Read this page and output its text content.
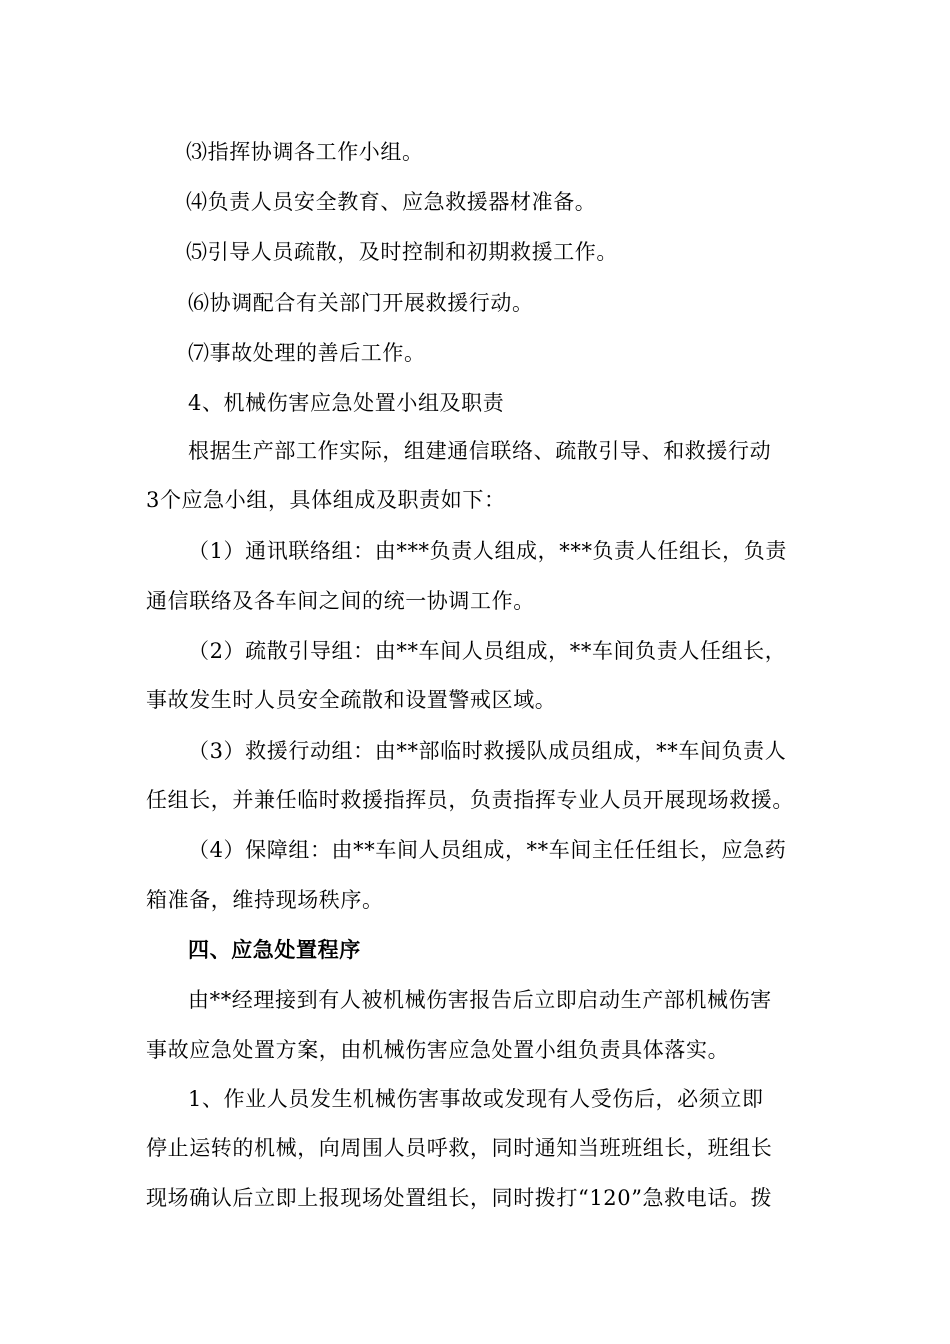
⑶指挥协调各工作小组。
⑷负责人员安全教育、应急救援器材准备。
⑸引导人员疏散，及时控制和初期救援工作。
⑹协调配合有关部门开展救援行动。
⑺事故处理的善后工作。
4、机械伤害应急处置小组及职责
根据生产部工作实际，组建通信联络、疏散引导、和救援行动
3个应急小组，具体组成及职责如下：
（1）通讯联络组：由***负责人组成，***负责人任组长，负责
通信联络及各车间之间的统一协调工作。
（2）疏散引导组：由**车间人员组成，**车间负责人任组长，
事故发生时人员安全疏散和设置警戒区域。
（3）救援行动组：由**部临时救援队成员组成，**车间负责人
任组长，并兼任临时救援指挥员，负责指挥专业人员开展现场救援。
（4）保障组：由**车间人员组成，**车间主任任组长，应急药
箱准备，维持现场秩序。
四、应急处置程序
由**经理接到有人被机械伤害报告后立即启动生产部机械伤害
事故应急处置方案，由机械伤害应急处置小组负责具体落实。
1、作业人员发生机械伤害事故或发现有人受伤后，必须立即
停止运转的机械，向周围人员呼救，同时通知当班班组长，班组长
现场确认后立即上报现场处置组长，同时拨打“120”急救电话。拨
